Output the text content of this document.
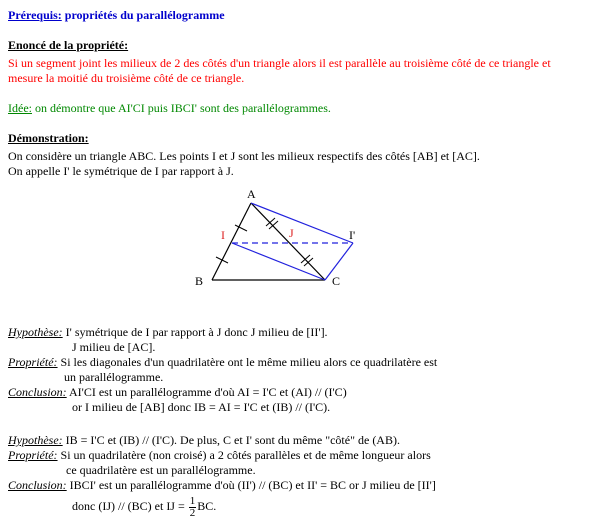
Prérequis: propriétés du parallélogramme
Enoncé de la propriété:
Si un segment joint les milieux de 2 des côtés d'un triangle alors il est parallèle au troisième côté de ce triangle et
mesure la moitié du troisième côté de ce triangle.
Idée: on démontre que AI'CI puis IBCI' sont des parallélogrammes.
Démonstration:
On considère un triangle ABC. Les points I et J sont les milieux respectifs des côtés [AB] et [AC].
On appelle I' le symétrique de I par rapport à J.
A
B	C
I	J	I'
Hypothèse: I' symétrique de I par rapport à J donc J milieu de [II'].
J milieu de [AC].
Propriété: Si les diagonales d'un quadrilatère ont le même milieu alors ce quadrilatère est
un parallélogramme.
Conclusion: AI'CI est un parallélogramme d'où AI = I'C et (AI) // (I'C)
or I milieu de [AB] donc IB = AI = I'C et (IB) // (I'C).
Hypothèse: IB = I'C et (IB) // (I'C). De plus, C et I' sont du même "côté" de (AB).
Propriété: Si un quadrilatère (non croisé) a 2 côtés parallèles et de même longueur alors
ce quadrilatère est un parallélogramme.
Conclusion: IBCI' est un parallélogramme d'où (II') // (BC) et II' = BC or J milieu de [II']
donc (IJ) // (BC) et IJ = $\frac{1}{2}$ BC.
